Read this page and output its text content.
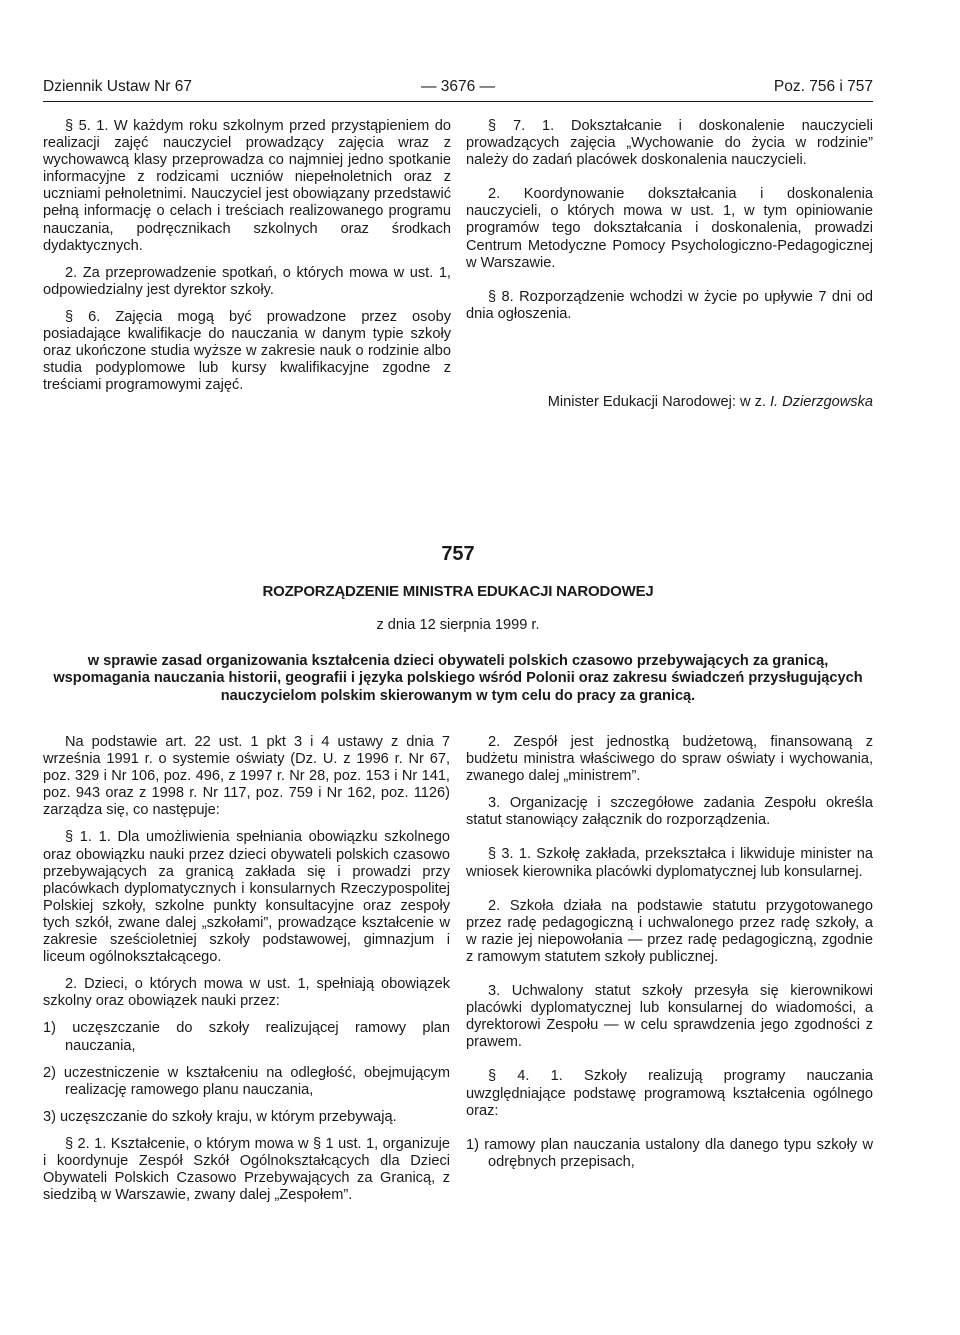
Dziennik Ustaw Nr 67	— 3676 —	Poz. 756 i 757

§ 5. 1. W każdym roku szkolnym przed przystąpieniem do realizacji zajęć nauczyciel prowadzący zajęcia wraz z wychowawcą klasy przeprowadza co najmniej jedno spotkanie informacyjne z rodzicami uczniów niepełnoletnich oraz z uczniami pełnoletnimi. Nauczyciel jest obowiązany przedstawić pełną informację o celach i treściach realizowanego programu nauczania, podręcznikach szkolnych oraz środkach dydaktycznych.

2. Za przeprowadzenie spotkań, o których mowa w ust. 1, odpowiedzialny jest dyrektor szkoły.

§ 6. Zajęcia mogą być prowadzone przez osoby posiadające kwalifikacje do nauczania w danym typie szkoły oraz ukończone studia wyższe w zakresie nauk o rodzinie albo studia podyplomowe lub kursy kwalifikacyjne zgodne z treściami programowymi zajęć.

§ 7. 1. Dokształcanie i doskonalenie nauczycieli prowadzących zajęcia „Wychowanie do życia w rodzinie” należy do zadań placówek doskonalenia nauczycieli.

2. Koordynowanie dokształcania i doskonalenia nauczycieli, o których mowa w ust. 1, w tym opiniowanie programów tego dokształcania i doskonalenia, prowadzi Centrum Metodyczne Pomocy Psychologiczno-Pedagogicznej w Warszawie.

§ 8. Rozporządzenie wchodzi w życie po upływie 7 dni od dnia ogłoszenia.

Minister Edukacji Narodowej: w z. I. Dzierzgowska
757
ROZPORZĄDZENIE MINISTRA EDUKACJI NARODOWEJ
z dnia 12 sierpnia 1999 r.
w sprawie zasad organizowania kształcenia dzieci obywateli polskich czasowo przebywających za granicą, wspomagania nauczania historii, geografii i języka polskiego wśród Polonii oraz zakresu świadczeń przysługujących nauczycielom polskim skierowanym w tym celu do pracy za granicą.

Na podstawie art. 22 ust. 1 pkt 3 i 4 ustawy z dnia 7 września 1991 r. o systemie oświaty (Dz. U. z 1996 r. Nr 67, poz. 329 i Nr 106, poz. 496, z 1997 r. Nr 28, poz. 153 i Nr 141, poz. 943 oraz z 1998 r. Nr 117, poz. 759 i Nr 162, poz. 1126) zarządza się, co następuje:

§ 1. 1. Dla umożliwienia spełniania obowiązku szkolnego oraz obowiązku nauki przez dzieci obywateli polskich czasowo przebywających za granicą zakłada się i prowadzi przy placówkach dyplomatycznych i konsularnych Rzeczypospolitej Polskiej szkoły, szkolne punkty konsultacyjne oraz zespoły tych szkół, zwane dalej „szkołami”, prowadzące kształcenie w zakresie sześcioletniej szkoły podstawowej, gimnazjum i liceum ogólnokształcącego.

2. Dzieci, o których mowa w ust. 1, spełniają obowiązek szkolny oraz obowiązek nauki przez:

1) uczęszczanie do szkoły realizującej ramowy plan nauczania,

2) uczestniczenie w kształceniu na odległość, obejmującym realizację ramowego planu nauczania,

3) uczęszczanie do szkoły kraju, w którym przebywają.

§ 2. 1. Kształcenie, o którym mowa w § 1 ust. 1, organizuje i koordynuje Zespół Szkół Ogólnokształcących dla Dzieci Obywateli Polskich Czasowo Przebywających za Granicą, z siedzibą w Warszawie, zwany dalej „Zespołem”.

2. Zespół jest jednostką budżetową, finansowaną z budżetu ministra właściwego do spraw oświaty i wychowania, zwanego dalej „ministrem”.

3. Organizację i szczegółowe zadania Zespołu określa statut stanowiący załącznik do rozporządzenia.

§ 3. 1. Szkołę zakłada, przekształca i likwiduje minister na wniosek kierownika placówki dyplomatycznej lub konsularnej.

2. Szkoła działa na podstawie statutu przygotowanego przez radę pedagogiczną i uchwalonego przez radę szkoły, a w razie jej niepowołania — przez radę pedagogiczną, zgodnie z ramowym statutem szkoły publicznej.

3. Uchwalony statut szkoły przesyła się kierownikowi placówki dyplomatycznej lub konsularnej do wiadomości, a dyrektorowi Zespołu — w celu sprawdzenia jego zgodności z prawem.

§ 4. 1. Szkoły realizują programy nauczania uwzględniające podstawę programową kształcenia ogólnego oraz:

1) ramowy plan nauczania ustalony dla danego typu szkoły w odrębnych przepisach,
